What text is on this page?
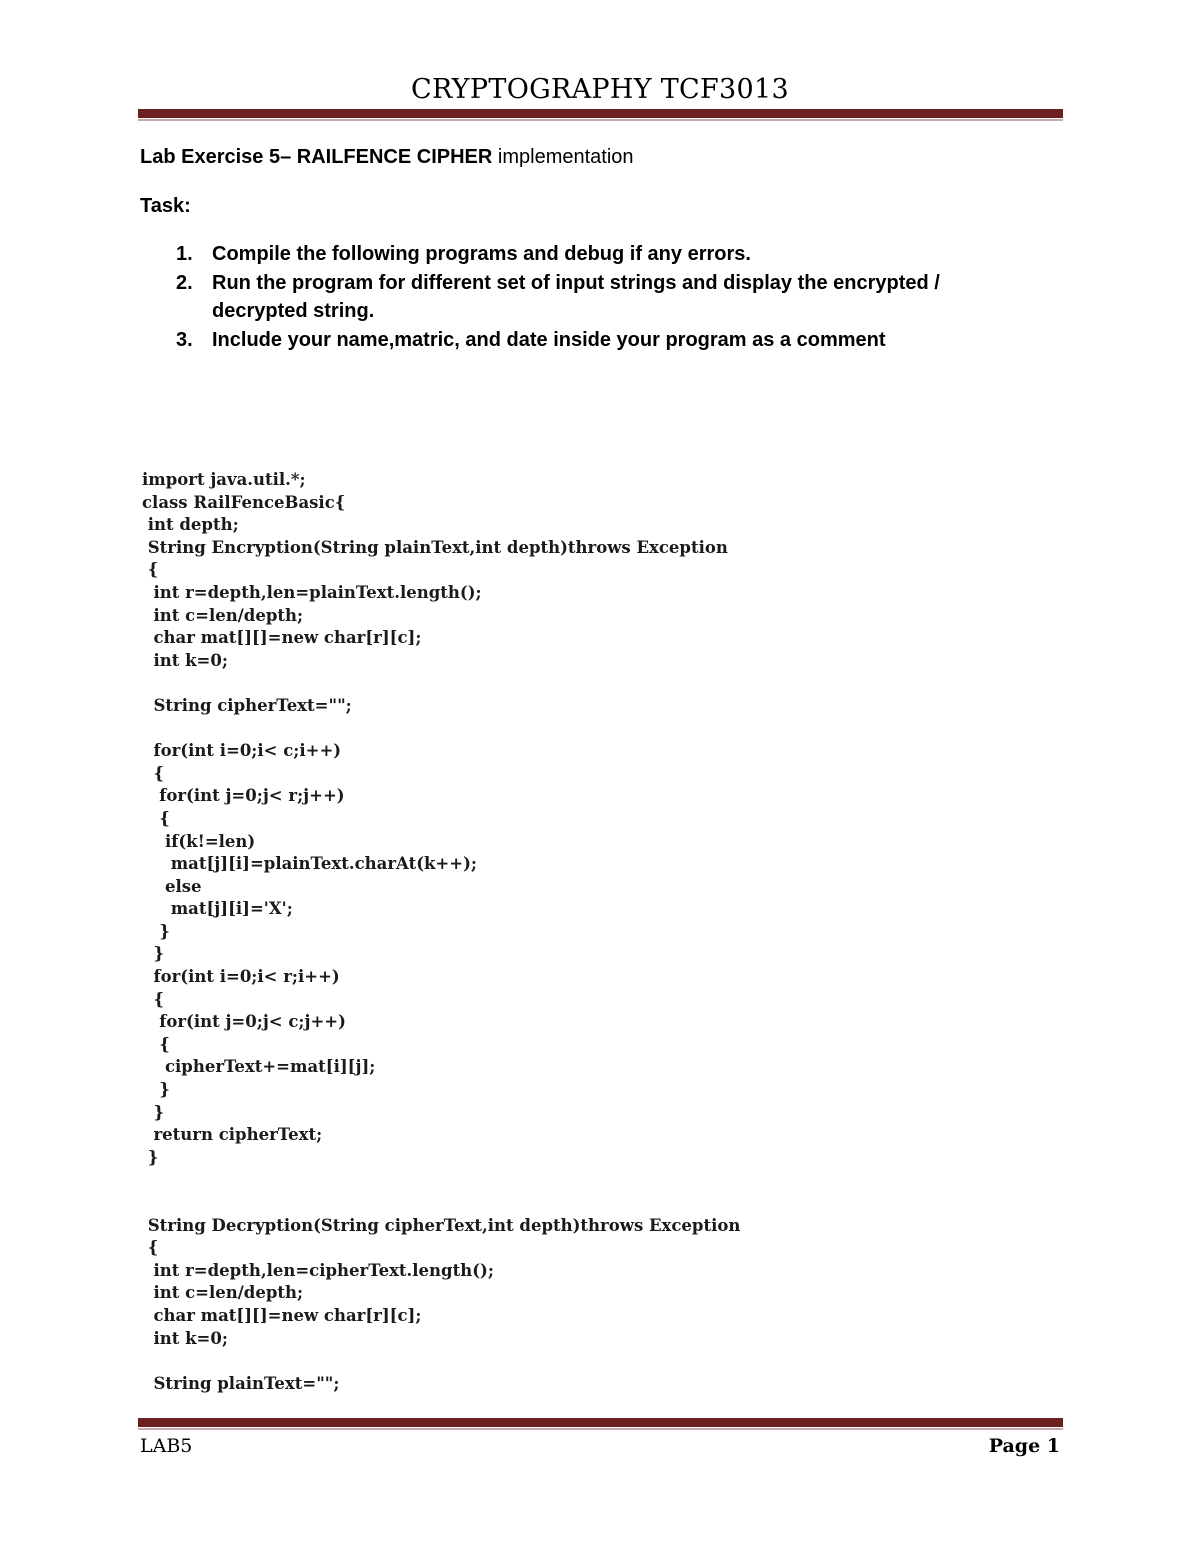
CRYPTOGRAPHY TCF3013
Lab Exercise 5– RAILFENCE CIPHER implementation
Task:
1. Compile the following programs and debug if any errors.
2. Run the program for different set of input strings and display the encrypted / decrypted string.
3. Include your name,matric, and date inside your program as a comment
import java.util.*;
class RailFenceBasic{
int depth;
String Encryption(String plainText,int depth)throws Exception
{
int r=depth,len=plainText.length();
int c=len/depth;
char mat[][]=new char[r][c];
int k=0;
String cipherText="";
for(int i=0;i< c;i++)
{
for(int j=0;j< r;j++)
{
if(k!=len)
mat[j][i]=plainText.charAt(k++);
else
mat[j][i]='X';
}
}
for(int i=0;i< r;i++)
{
for(int j=0;j< c;j++)
{
cipherText+=mat[i][j];
}
}
return cipherText;
}
String Decryption(String cipherText,int depth)throws Exception
{
int r=depth,len=cipherText.length();
int c=len/depth;
char mat[][]=new char[r][c];
int k=0;
String plainText="";
LAB5	Page 1
